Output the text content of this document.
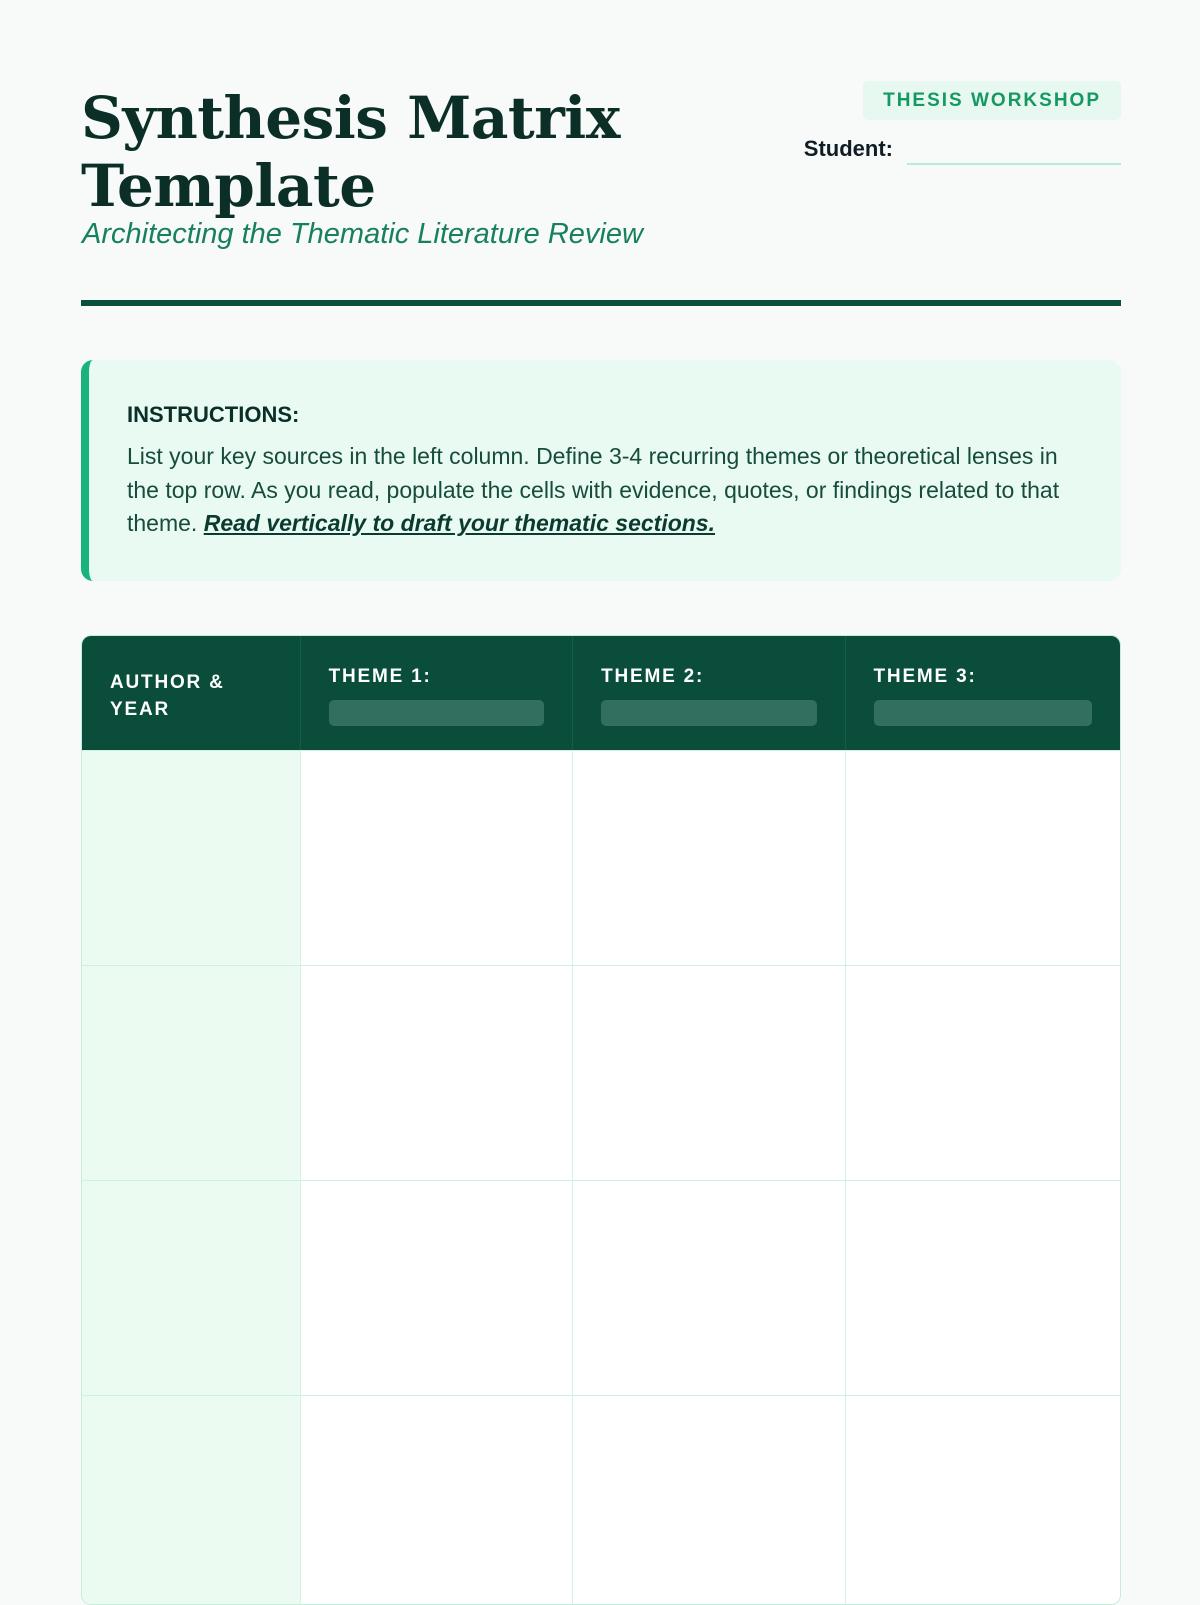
Synthesis Matrix
Template

Architecting the Thematic Literature Review

THESIS WORKSHOP
Student:

INSTRUCTIONS:

List your key sources in the left column. Define 3-4 recurring themes or theoretical lenses in the top row. As you read, populate the cells with evidence, quotes, or findings related to that theme. Read vertically to draft your thematic sections.

AUTHOR & YEAR
THEME 1:	THEME 2:	THEME 3:
